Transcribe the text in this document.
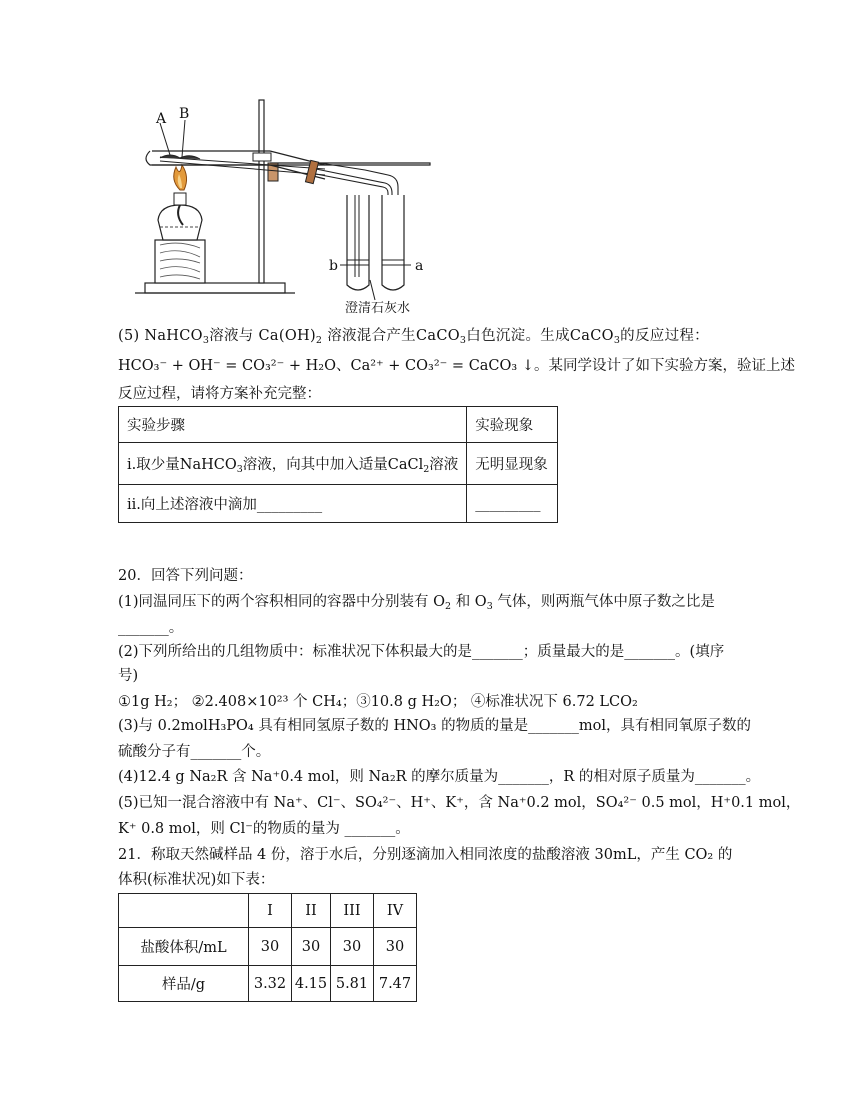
A B
b	a
澄清石灰水
(5) NaHCO$_3$溶液与 $Ca(OH)_2$ 溶液混合产生CaCO$_3$白色沉淀。生成CaCO$_3$的反应过程：
HCO₃⁻ + OH⁻ = CO₃²⁻ + H₂O、Ca²⁺ + CO₃²⁻ = CaCO₃ ↓。某同学设计了如下实验方案，验证上述
反应过程，请将方案补充完整：
实验步骤	实验现象
i.取少量NaHCO$_3$溶液，向其中加入适量CaCl$_2$溶液	无明显现象
ii.向上述溶液中滴加_________	_________
20．回答下列问题：
(1)同温同压下的两个容积相同的容器中分别装有 $O_2$ 和 $O_3$ 气体，则两瓶气体中原子数之比是
_______。
(2)下列所给出的几组物质中：标准状况下体积最大的是_______；质量最大的是_______。(填序
号)
①1g H₂； ②2.408×10²³ 个 CH₄；③10.8 g H₂O； ④标准状况下 6.72 LCO₂
(3)与 0.2molH₃PO₄ 具有相同氢原子数的 HNO₃ 的物质的量是_______mol，具有相同氧原子数的
硫酸分子有_______个。
(4)12.4 g Na₂R 含 Na⁺0.4 mol，则 Na₂R 的摩尔质量为_______，R 的相对原子质量为_______。
(5)已知一混合溶液中有 Na⁺、Cl⁻、SO₄²⁻、H⁺、K⁺，含 Na⁺0.2 mol，SO₄²⁻ 0.5 mol，H⁺0.1 mol，
K⁺ 0.8 mol，则 Cl⁻的物质的量为 _______。
21．称取天然碱样品 4 份，溶于水后，分别逐滴加入相同浓度的盐酸溶液 30mL，产生 CO₂ 的
体积(标准状况)如下表：
	I	II	III	IV
盐酸体积/mL	30	30	30	30
样品/g	3.32	4.15	5.81	7.47
